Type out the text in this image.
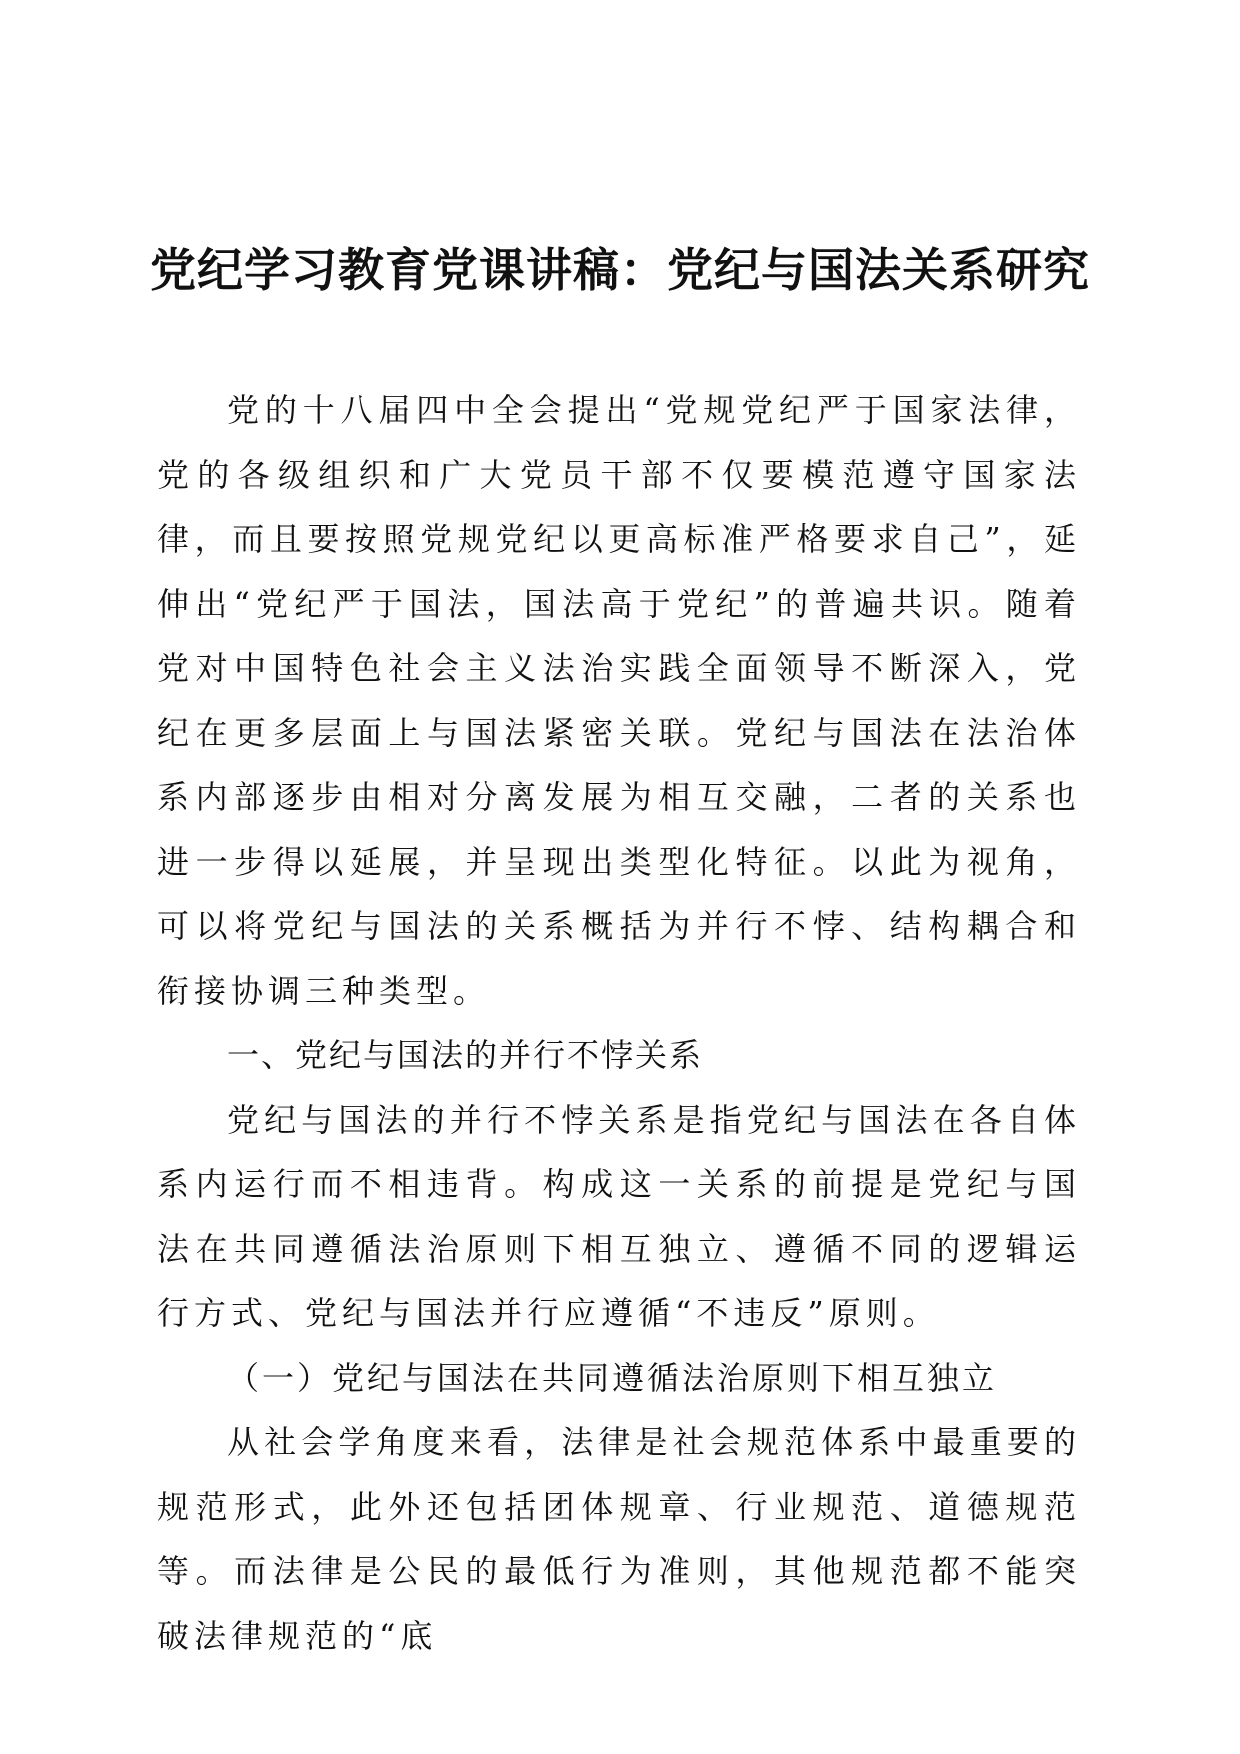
党纪学习教育党课讲稿：党纪与国法关系研究

党的十八届四中全会提出“党规党纪严于国家法律，党的各级组织和广大党员干部不仅要模范遵守国家法律，而且要按照党规党纪以更高标准严格要求自己”，延伸出“党纪严于国法，国法高于党纪”的普遍共识。随着党对中国特色社会主义法治实践全面领导不断深入，党纪在更多层面上与国法紧密关联。党纪与国法在法治体系内部逐步由相对分离发展为相互交融，二者的关系也进一步得以延展，并呈现出类型化特征。以此为视角，可以将党纪与国法的关系概括为并行不悖、结构耦合和衔接协调三种类型。

一、党纪与国法的并行不悖关系

党纪与国法的并行不悖关系是指党纪与国法在各自体系内运行而不相违背。构成这一关系的前提是党纪与国法在共同遵循法治原则下相互独立、遵循不同的逻辑运行方式、党纪与国法并行应遵循“不违反”原则。

（一）党纪与国法在共同遵循法治原则下相互独立

从社会学角度来看，法律是社会规范体系中最重要的规范形式，此外还包括团体规章、行业规范、道德规范等。而法律是公民的最低行为准则，其他规范都不能突破法律规范的“底
